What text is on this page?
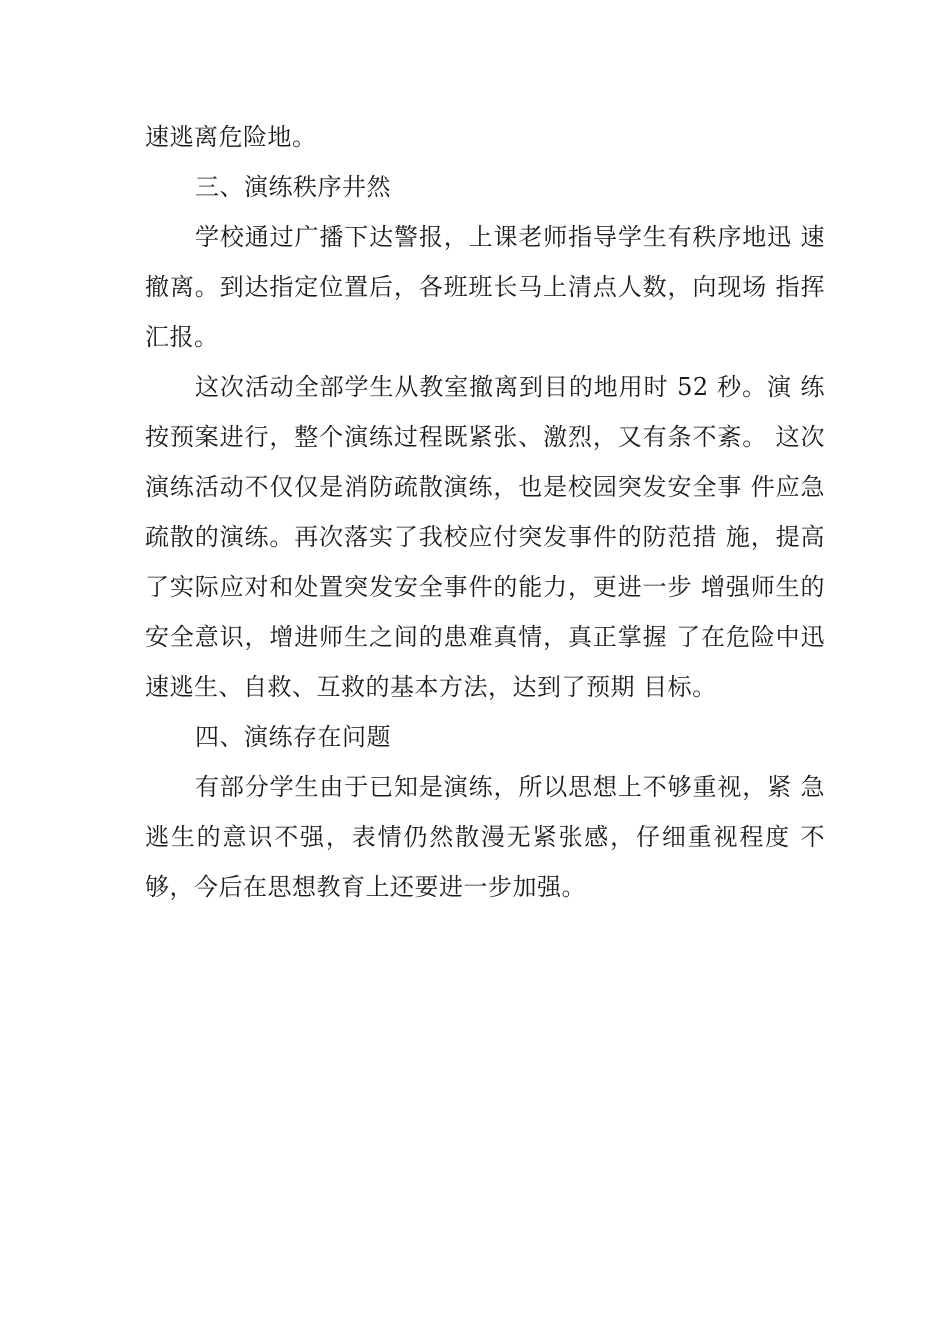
速逃离危险地。
三、演练秩序井然
学校通过广播下达警报，上课老师指导学生有秩序地迅 速
撤离。到达指定位置后，各班班长马上清点人数，向现场 指挥
汇报。
这次活动全部学生从教室撤离到目的地用时 52 秒。演 练
按预案进行，整个演练过程既紧张、激烈，又有条不紊。 这次
演练活动不仅仅是消防疏散演练，也是校园突发安全事 件应急
疏散的演练。再次落实了我校应付突发事件的防范措 施，提高
了实际应对和处置突发安全事件的能力，更进一步 增强师生的
安全意识，增进师生之间的患难真情，真正掌握 了在危险中迅
速逃生、自救、互救的基本方法，达到了预期 目标。
四、演练存在问题
有部分学生由于已知是演练，所以思想上不够重视，紧 急
逃生的意识不强，表情仍然散漫无紧张感，仔细重视程度 不
够，今后在思想教育上还要进一步加强。
